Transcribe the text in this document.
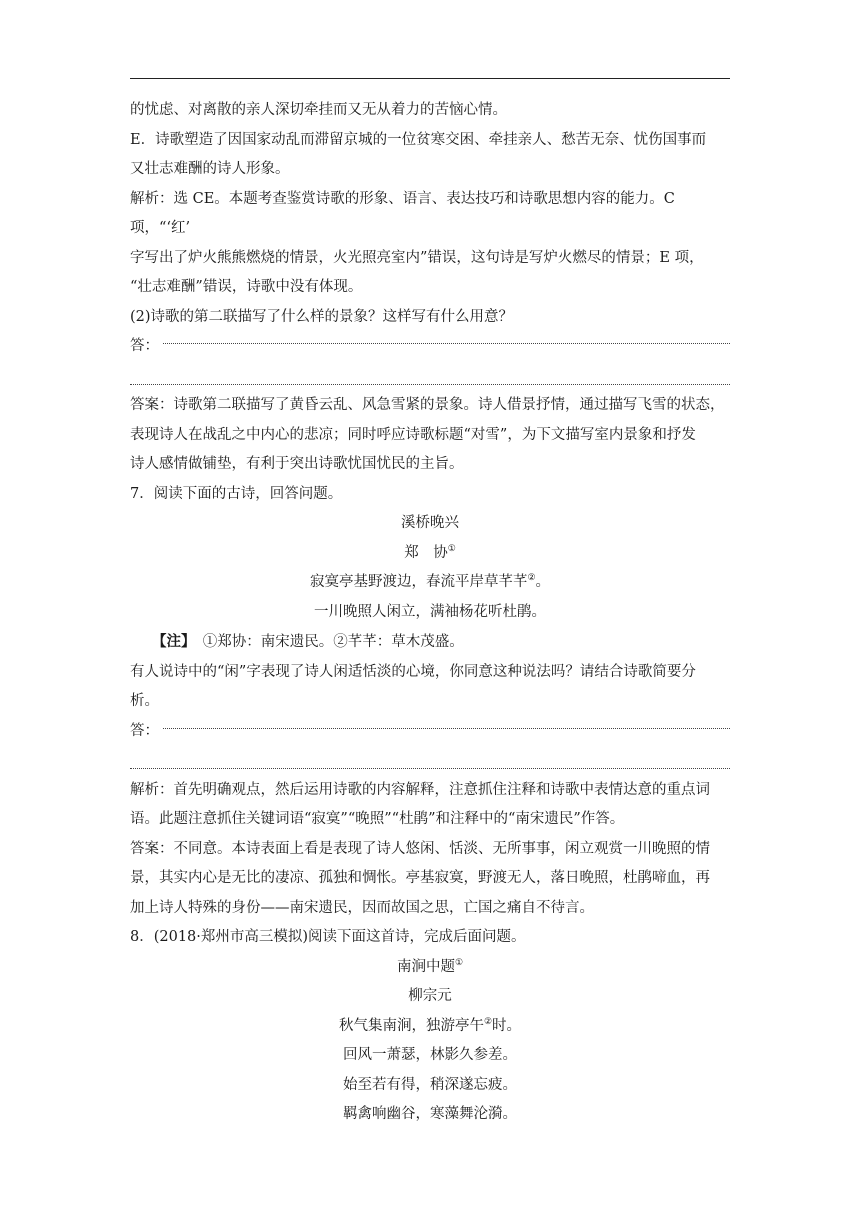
的忧虑、对离散的亲人深切牵挂而又无从着力的苦恼心情。

E．诗歌塑造了因国家动乱而滞留京城的一位贫寒交困、牵挂亲人、愁苦无奈、忧伤国事而

又壮志难酬的诗人形象。

解析：选 CE。本题考查鉴赏诗歌的形象、语言、表达技巧和诗歌思想内容的能力。C 项，“‘红’

字写出了炉火熊熊燃烧的情景，火光照亮室内”错误，这句诗是写炉火燃尽的情景；E 项，

“壮志难酬”错误，诗歌中没有体现。

(2)诗歌的第二联描写了什么样的景象？这样写有什么用意？

答：

答案：诗歌第二联描写了黄昏云乱、风急雪紧的景象。诗人借景抒情，通过描写飞雪的状态，

表现诗人在战乱之中内心的悲凉；同时呼应诗歌标题“对雪”，为下文描写室内景象和抒发

诗人感情做铺垫，有利于突出诗歌忧国忧民的主旨。

7．阅读下面的古诗，回答问题。

溪桥晚兴

郑　协①

寂寞亭基野渡边，春流平岸草芊芊②。

一川晚照人闲立，满袖杨花听杜鹃。

【注】　①郑协：南宋遗民。②芊芊：草木茂盛。

有人说诗中的“闲”字表现了诗人闲适恬淡的心境，你同意这种说法吗？请结合诗歌简要分

析。

答：

解析：首先明确观点，然后运用诗歌的内容解释，注意抓住注释和诗歌中表情达意的重点词

语。此题注意抓住关键词语“寂寞”“晚照”“杜鹃”和注释中的“南宋遗民”作答。

答案：不同意。本诗表面上看是表现了诗人悠闲、恬淡、无所事事，闲立观赏一川晚照的情

景，其实内心是无比的凄凉、孤独和惆怅。亭基寂寞，野渡无人，落日晚照，杜鹃啼血，再

加上诗人特殊的身份——南宋遗民，因而故国之思，亡国之痛自不待言。

8．(2018·郑州市高三模拟)阅读下面这首诗，完成后面问题。

南涧中题①

柳宗元

秋气集南涧，独游亭午②时。

回风一萧瑟，林影久参差。

始至若有得，稍深遂忘疲。

羁禽响幽谷，寒藻舞沦漪。
